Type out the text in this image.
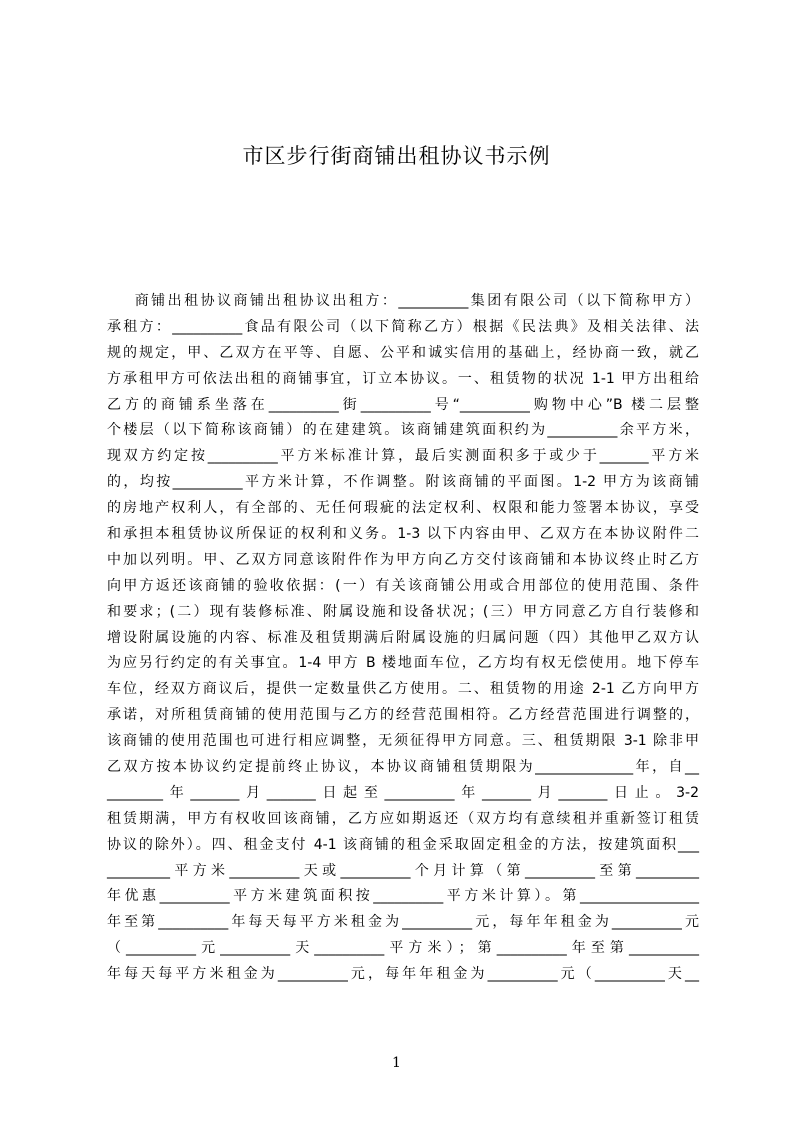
市区步行街商铺出租协议书示例
商铺出租协议商铺出租协议出租方：__________集团有限公司（以下简称甲方）
承租方：__________食品有限公司（以下简称乙方）根据《民法典》及相关法律、法
规的规定，甲、乙双方在平等、自愿、公平和诚实信用的基础上，经协商一致，就乙
方承租甲方可依法出租的商铺事宜，订立本协议。一、租赁物的状况 1-1 甲方出租给
乙方的商铺系坐落在__________街__________号“__________购物中心”B 楼二层整
个楼层（以下简称该商铺）的在建建筑。该商铺建筑面积约为__________余平方米，
现双方约定按__________平方米标准计算，最后实测面积多于或少于_______平方米
的，均按__________平方米计算，不作调整。附该商铺的平面图。1-2 甲方为该商铺
的房地产权利人，有全部的、无任何瑕疵的法定权利、权限和能力签署本协议，享受
和承担本租赁协议所保证的权利和义务。1-3 以下内容由甲、乙双方在本协议附件二
中加以列明。甲、乙双方同意该附件作为甲方向乙方交付该商铺和本协议终止时乙方
向甲方返还该商铺的验收依据：(一）有关该商铺公用或合用部位的使用范围、条件
和要求；(二）现有装修标准、附属设施和设备状况；(三）甲方同意乙方自行装修和
增设附属设施的内容、标准及租赁期满后附属设施的归属问题（四）其他甲乙双方认
为应另行约定的有关事宜。1-4 甲方 B 楼地面车位，乙方均有权无偿使用。地下停车
车位，经双方商议后，提供一定数量供乙方使用。二、租赁物的用途 2-1 乙方向甲方
承诺，对所租赁商铺的使用范围与乙方的经营范围相符。乙方经营范围进行调整的，
该商铺的使用范围也可进行相应调整，无须征得甲方同意。三、租赁期限 3-1 除非甲
乙双方按本协议约定提前终止协议，本协议商铺租赁期限为______________年，自__
________年_______月_______日起至__________年_______月_______日止。3-2
租赁期满，甲方有权收回该商铺，乙方应如期返还（双方均有意续租并重新签订租赁
协议的除外）。四、租金支付 4-1 该商铺的租金采取固定租金的方法，按建筑面积___
_________平方米__________天或__________个月计算（第__________至第_________
年优惠__________平方米建筑面积按__________平方米计算）。第_________________
年至第__________年每天每平方米租金为__________元，每年年租金为__________元
（__________元__________天__________平方米）；第__________年至第__________
年每天每平方米租金为__________元，每年年租金为__________元（__________天__
1
